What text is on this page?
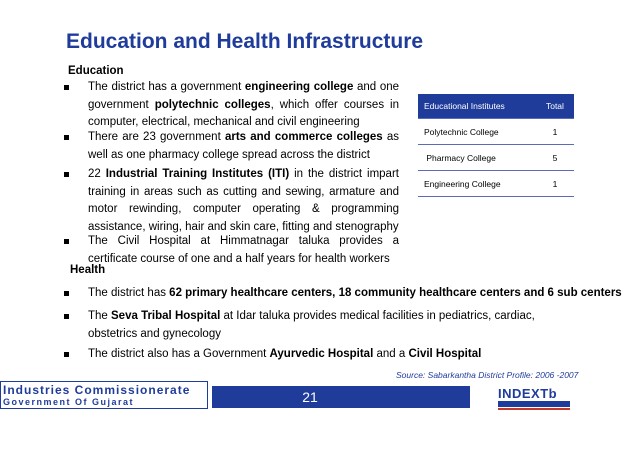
Education and Health Infrastructure
Education
The district has a government engineering college and one government polytechnic colleges, which offer courses in computer, electrical, mechanical and civil engineering
There are 23 government arts and commerce colleges as well as one pharmacy college spread across the district
22 Industrial Training Institutes (ITI) in the district impart training in areas such as cutting and sewing, armature and motor rewinding, computer operating & programming assistance, wiring, hair and skin care, fitting and stenography
The Civil Hospital at Himmatnagar taluka provides a certificate course of one and a half years for health workers
Educational Institutes	Total
Polytechnic College	1
Pharmacy College	5
Engineering College	1
Health
The district has 62 primary healthcare centers, 18 community healthcare centers and 6 sub centers
The Seva Tribal Hospital at Idar taluka provides medical facilities in pediatrics, cardiac, obstetrics and gynecology
The district also has a Government Ayurvedic Hospital and a Civil Hospital
Source: Sabarkantha District Profile: 2006 -2007
Industries Commissionerate
Government Of Gujarat	21	INDEXTb
